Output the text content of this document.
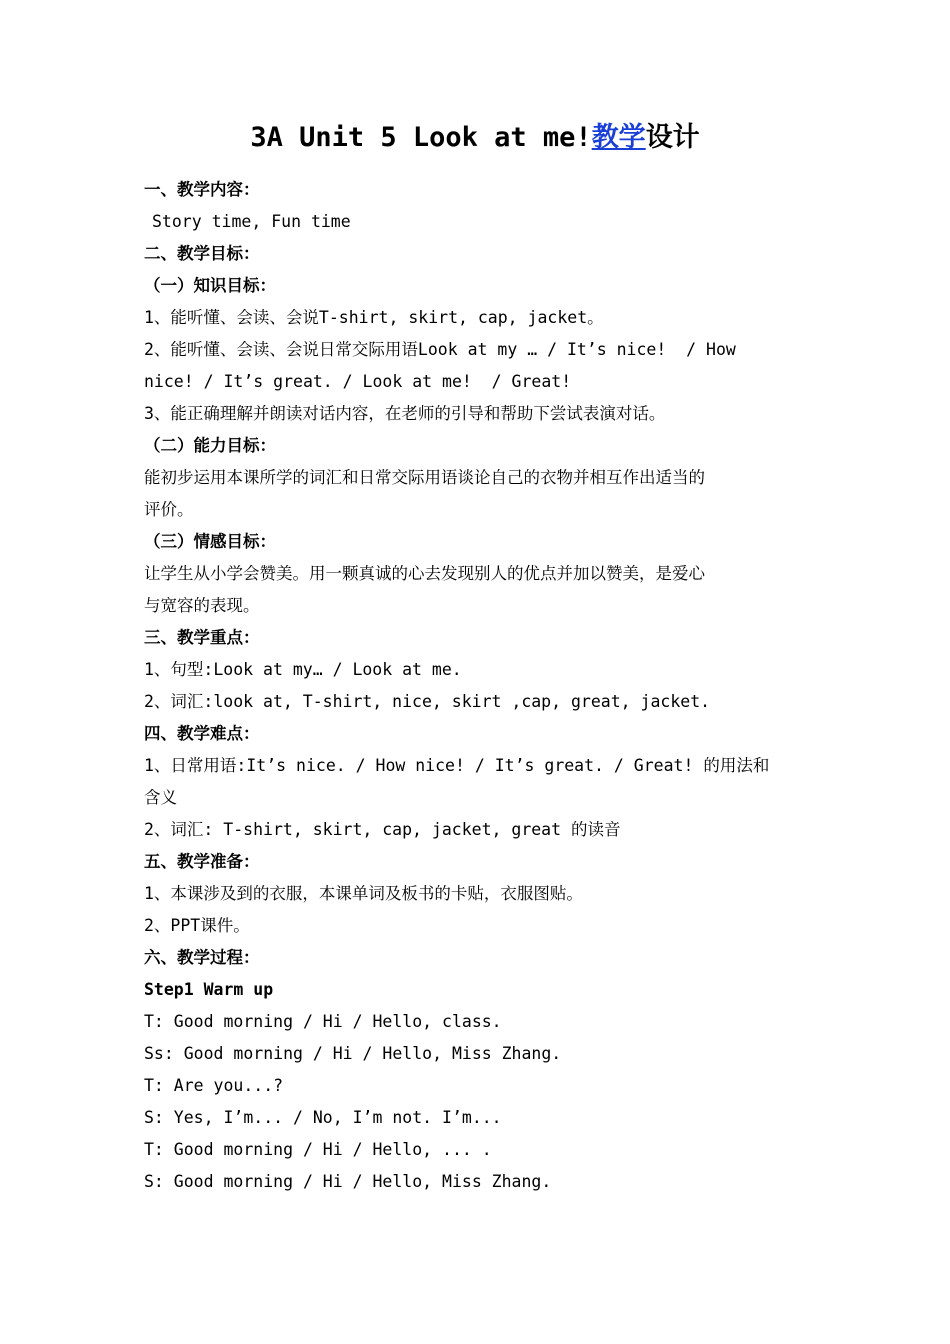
3A Unit 5 Look at me!教学设计
一、教学内容：
Story time, Fun time
二、教学目标：
（一）知识目标：
1、能听懂、会读、会说T-shirt, skirt, cap, jacket。
2、能听懂、会读、会说日常交际用语Look at my … / It’s nice!  / How
nice! / It’s great. / Look at me!  / Great!
3、能正确理解并朗读对话内容，在老师的引导和帮助下尝试表演对话。
（二）能力目标：
能初步运用本课所学的词汇和日常交际用语谈论自己的衣物并相互作出适当的
评价。
（三）情感目标：
让学生从小学会赞美。用一颗真诚的心去发现别人的优点并加以赞美，是爱心
与宽容的表现。
三、教学重点：
1、句型:Look at my… / Look at me.
2、词汇:look at, T-shirt, nice, skirt ,cap, great, jacket.
四、教学难点：
1、日常用语:It’s nice. / How nice! / It’s great. / Great! 的用法和
含义
2、词汇: T-shirt, skirt, cap, jacket, great 的读音
五、教学准备：
1、本课涉及到的衣服，本课单词及板书的卡贴，衣服图贴。
2、PPT课件。
六、教学过程：
Step1 Warm up
T: Good morning / Hi / Hello, class.
Ss: Good morning / Hi / Hello, Miss Zhang.
T: Are you...?
S: Yes, I’m... / No, I’m not. I’m...
T: Good morning / Hi / Hello, ... .
S: Good morning / Hi / Hello, Miss Zhang.
